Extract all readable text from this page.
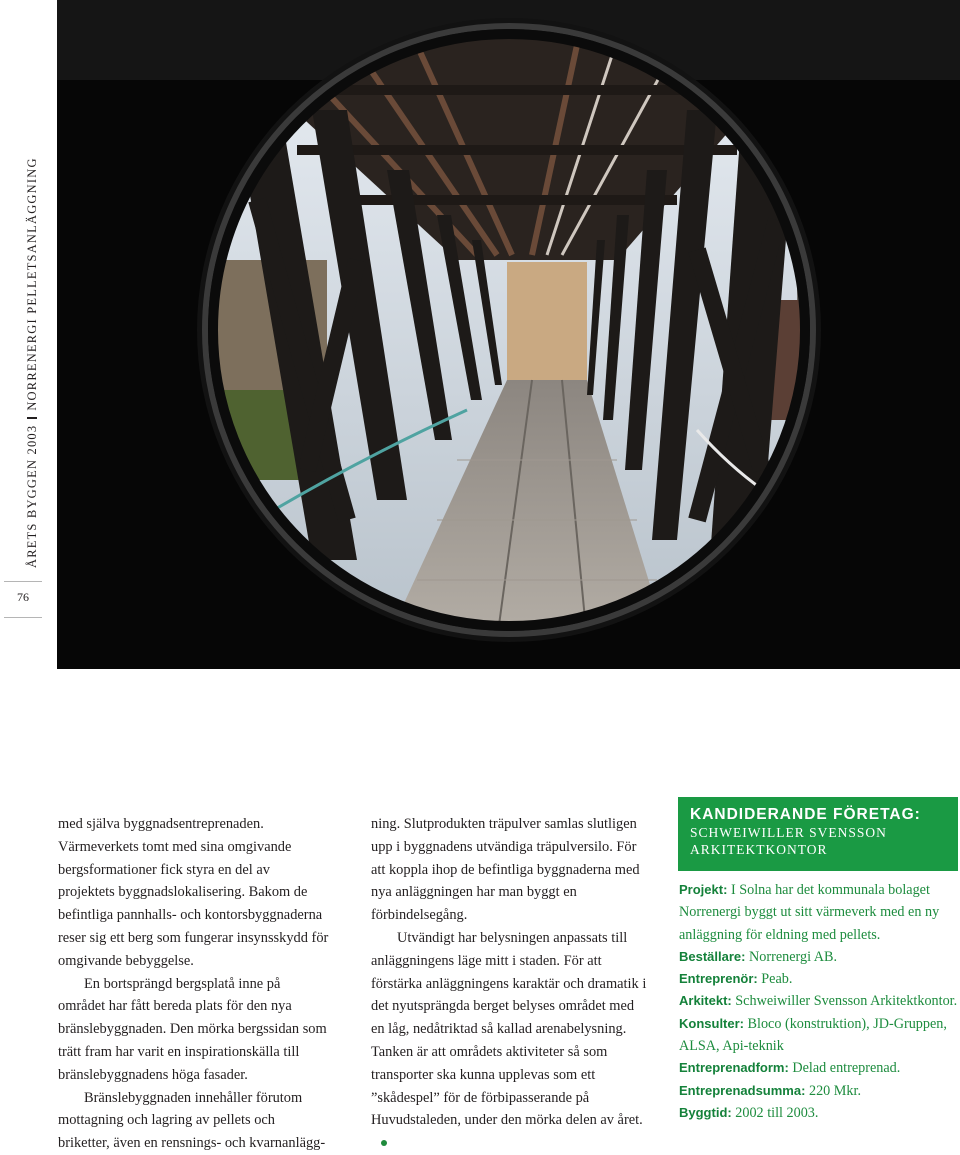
ÅRETS BYGGEN 2003NORRENERGI PELLETSANLÄGGNING
76

med själva byggnadsentreprenaden. Värmeverkets tomt med sina omgivande bergsformationer fick styra en del av projektets byggnadslokalisering. Bakom de befintliga pannhalls- och kontorsbyggnaderna reser sig ett berg som fungerar insynsskydd för omgivande bebyggelse.

En bortsprängd bergsplatå inne på området har fått bereda plats för den nya bränslebyggnaden. Den mörka bergssidan som trätt fram har varit en inspirationskälla till bränslebyggnadens höga fasader.

Bränslebyggnaden innehåller förutom mottagning och lagring av pellets och briketter, även en rensnings- och kvarnanlägg-

ning. Slutprodukten träpulver samlas slutligen upp i byggnadens utvändiga träpulversilo. För att koppla ihop de befintliga byggnaderna med nya anläggningen har man byggt en förbindelsegång.

Utvändigt har belysningen anpassats till anläggningens läge mitt i staden. För att förstärka anläggningens karaktär och dramatik i det nyutsprängda berget belyses området med en låg, nedåtriktad så kallad arenabelysning. Tanken är att områdets aktiviteter så som transporter ska kunna upplevas som ett ”skådespel” för de förbipasserande på Huvudstaleden, under den mörka delen av året.

KANDIDERANDE FÖRETAG:
SCHWEIWILLER SVENSSON
ARKITEKTKONTOR
Projekt: I Solna har det kommunala bolaget Norrenergi byggt ut sitt värmeverk med en ny anläggning för eldning med pellets.
Beställare: Norrenergi AB.
Entreprenör: Peab.
Arkitekt: Schweiwiller Svensson Arkitektkontor.
Konsulter: Bloco (konstruktion), JD-Gruppen, ALSA, Api-teknik
Entreprenadform: Delad entreprenad.
Entreprenadsumma: 220 Mkr.
Byggtid: 2002 till 2003.
